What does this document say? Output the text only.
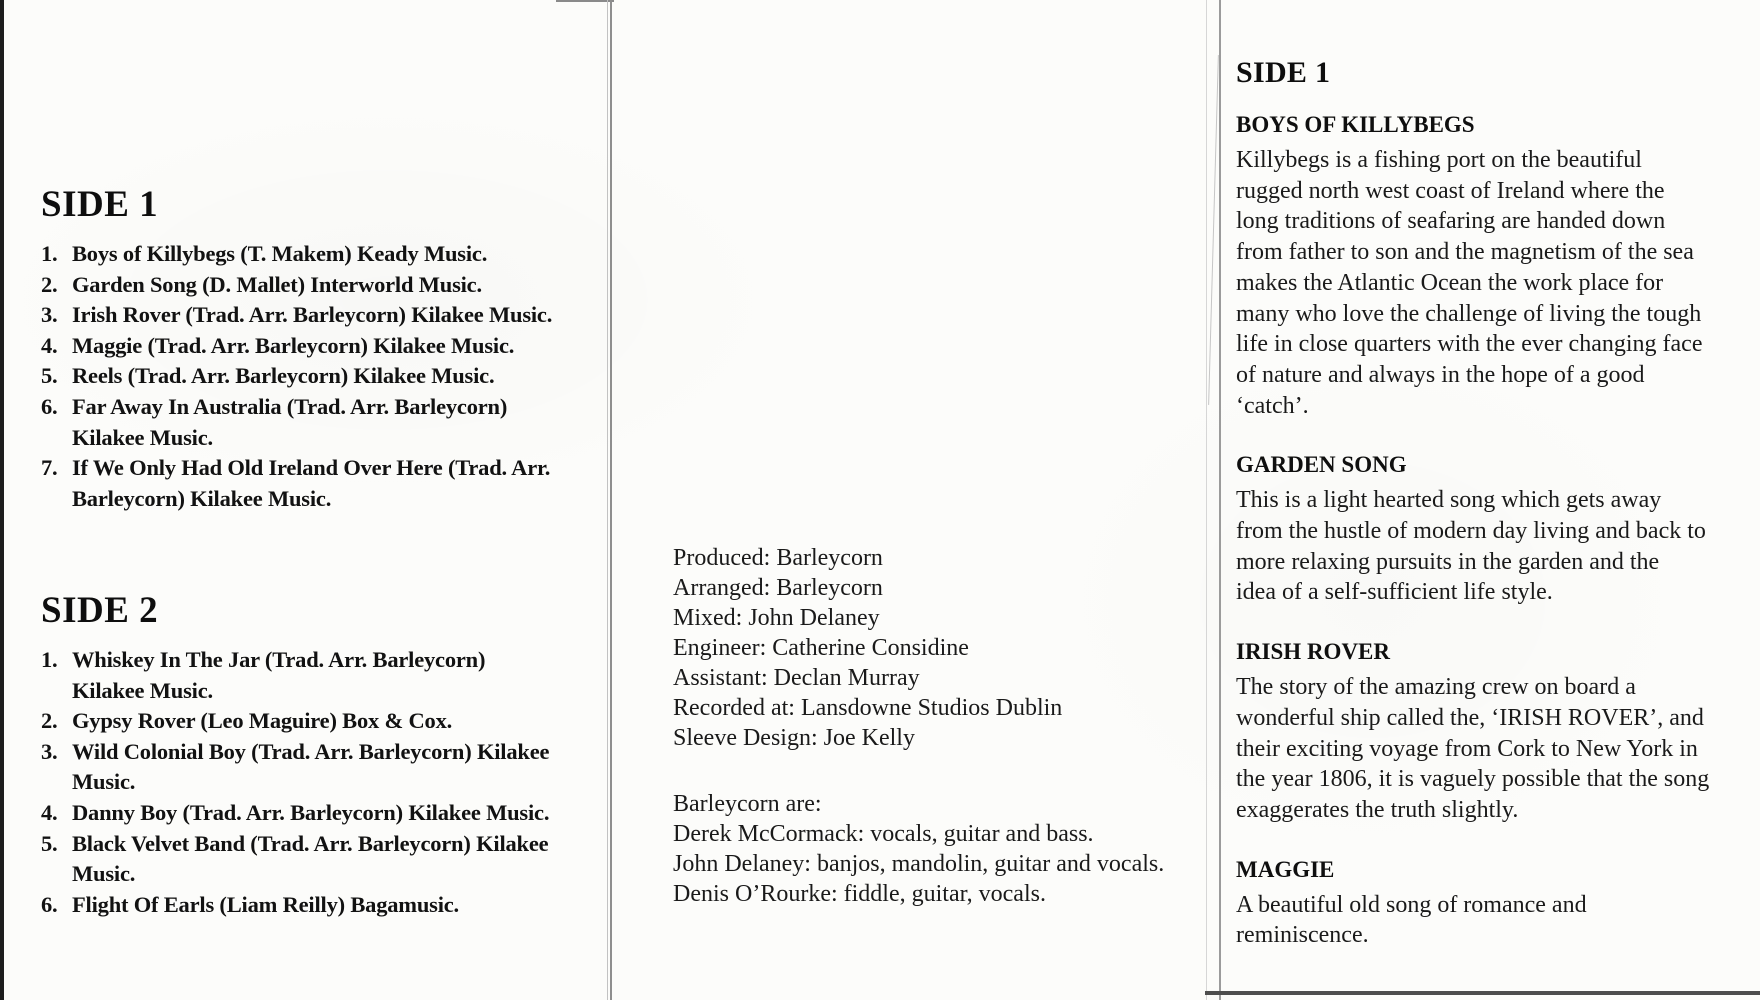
SIDE 1
1. Boys of Killybegs (T. Makem) Keady Music.
2. Garden Song (D. Mallet) Interworld Music.
3. Irish Rover (Trad. Arr. Barleycorn) Kilakee Music.
4. Maggie (Trad. Arr. Barleycorn) Kilakee Music.
5. Reels (Trad. Arr. Barleycorn) Kilakee Music.
6. Far Away In Australia (Trad. Arr. Barleycorn)
Kilakee Music.
7. If We Only Had Old Ireland Over Here (Trad. Arr.
Barleycorn) Kilakee Music.
SIDE 2
1. Whiskey In The Jar (Trad. Arr. Barleycorn)
Kilakee Music.
2. Gypsy Rover (Leo Maguire) Box & Cox.
3. Wild Colonial Boy (Trad. Arr. Barleycorn) Kilakee
Music.
4. Danny Boy (Trad. Arr. Barleycorn) Kilakee Music.
5. Black Velvet Band (Trad. Arr. Barleycorn) Kilakee
Music.
6. Flight Of Earls (Liam Reilly) Bagamusic.
Produced: Barleycorn
Arranged: Barleycorn
Mixed: John Delaney
Engineer: Catherine Considine
Assistant: Declan Murray
Recorded at: Lansdowne Studios Dublin
Sleeve Design: Joe Kelly
Barleycorn are:
Derek McCormack: vocals, guitar and bass.
John Delaney: banjos, mandolin, guitar and vocals.
Denis O’Rourke: fiddle, guitar, vocals.
SIDE 1
BOYS OF KILLYBEGS
Killybegs is a fishing port on the beautiful
rugged north west coast of Ireland where the
long traditions of seafaring are handed down
from father to son and the magnetism of the sea
makes the Atlantic Ocean the work place for
many who love the challenge of living the tough
life in close quarters with the ever changing face
of nature and always in the hope of a good
‘catch’.
GARDEN SONG
This is a light hearted song which gets away
from the hustle of modern day living and back to
more relaxing pursuits in the garden and the
idea of a self-sufficient life style.
IRISH ROVER
The story of the amazing crew on board a
wonderful ship called the, ‘IRISH ROVER’, and
their exciting voyage from Cork to New York in
the year 1806, it is vaguely possible that the song
exaggerates the truth slightly.
MAGGIE
A beautiful old song of romance and
reminiscence.
